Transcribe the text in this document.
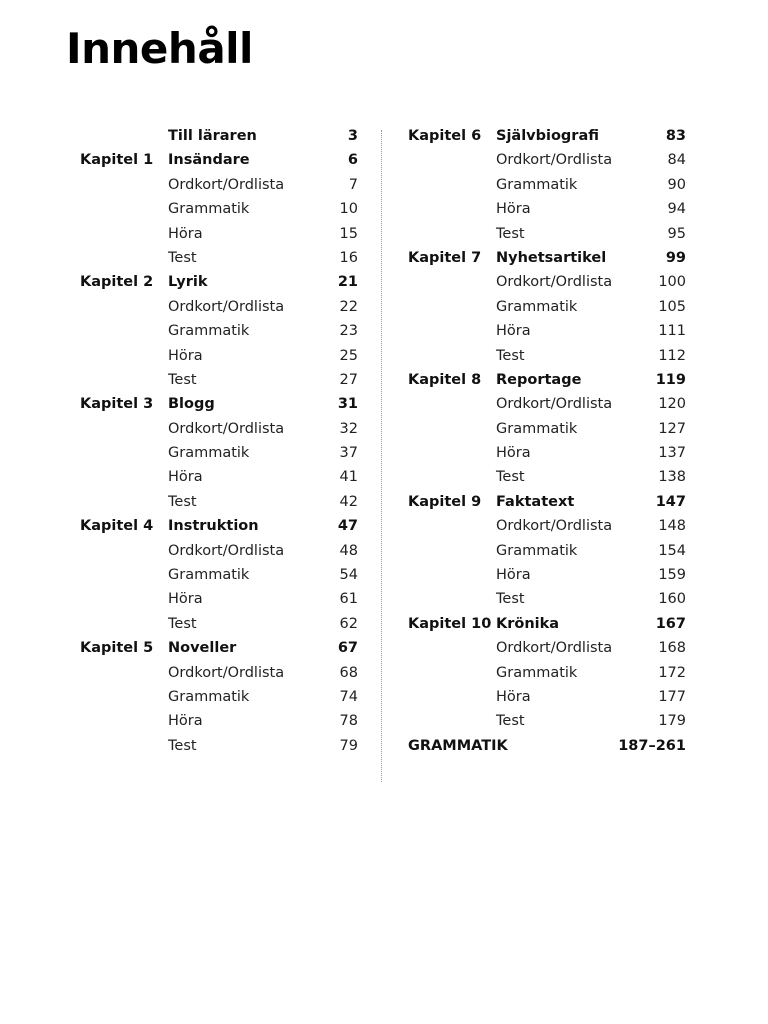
Innehåll
Till läraren	3
Kapitel 1 Insändare	6
Ordkort/Ordlista	7
Grammatik	10
Höra	15
Test	16
Kapitel 2 Lyrik	21
Ordkort/Ordlista	22
Grammatik	23
Höra	25
Test	27
Kapitel 3 Blogg	31
Ordkort/Ordlista	32
Grammatik	37
Höra	41
Test	42
Kapitel 4 Instruktion	47
Ordkort/Ordlista	48
Grammatik	54
Höra	61
Test	62
Kapitel 5 Noveller	67
Ordkort/Ordlista	68
Grammatik	74
Höra	78
Test	79
Kapitel 6 Självbiografi	83
Ordkort/Ordlista	84
Grammatik	90
Höra	94
Test	95
Kapitel 7 Nyhetsartikel	99
Ordkort/Ordlista	100
Grammatik	105
Höra	111
Test	112
Kapitel 8 Reportage	119
Ordkort/Ordlista	120
Grammatik	127
Höra	137
Test	138
Kapitel 9 Faktatext	147
Ordkort/Ordlista	148
Grammatik	154
Höra	159
Test	160
Kapitel 10 Krönika	167
Ordkort/Ordlista	168
Grammatik	172
Höra	177
Test	179
GRAMMATIK	187–261
